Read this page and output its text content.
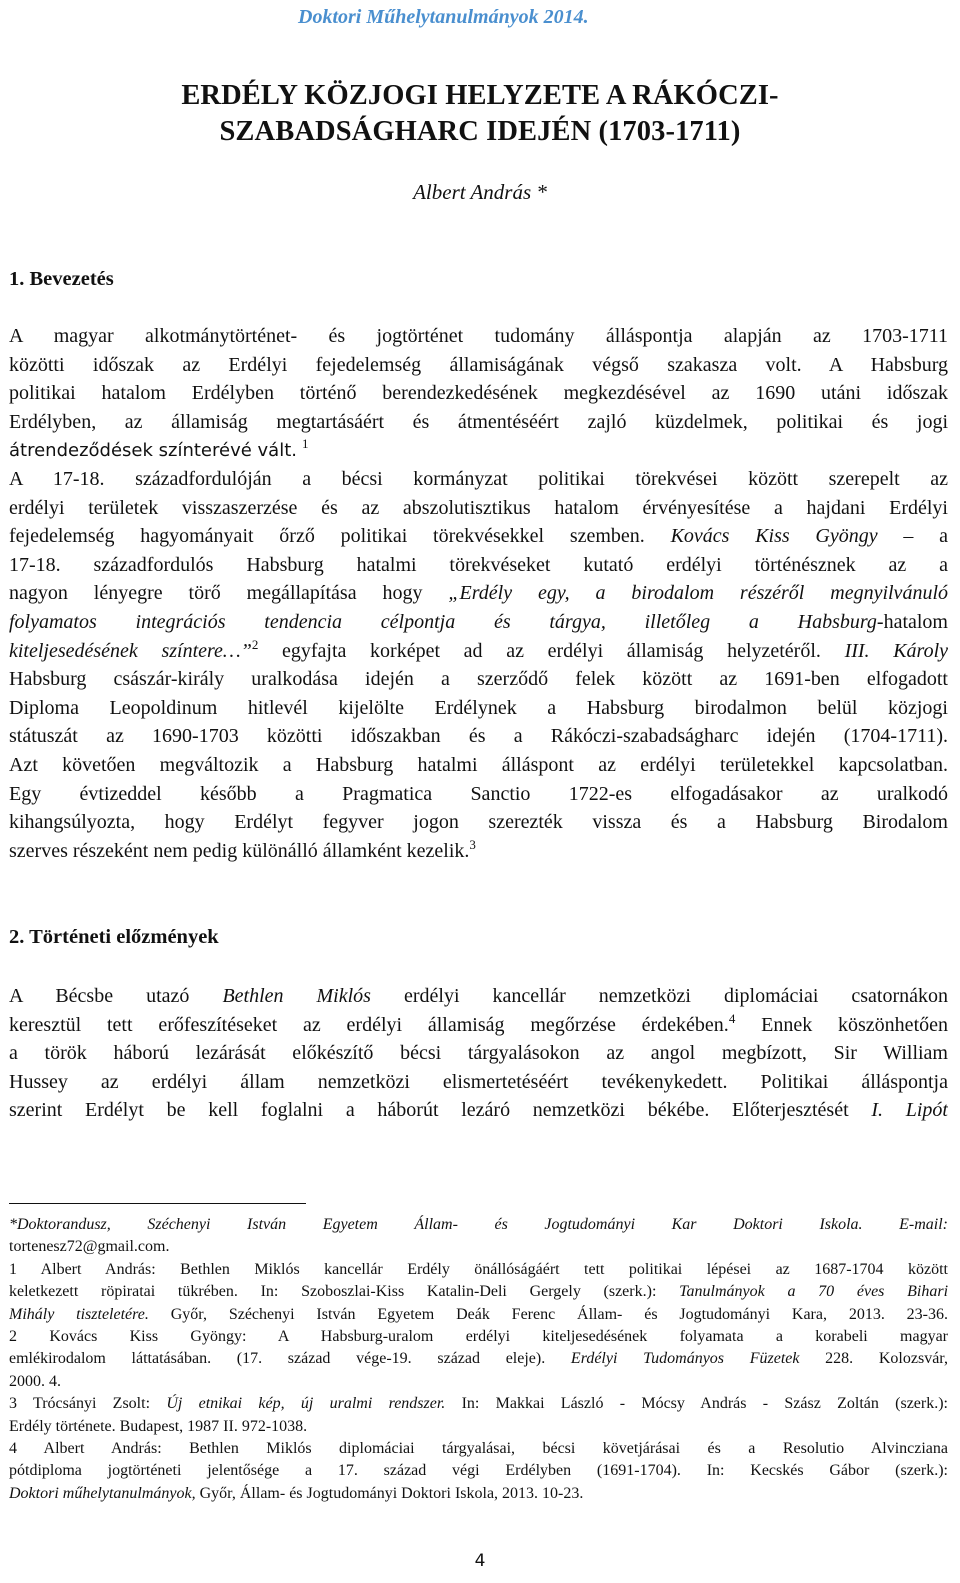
Doktori Műhelytanulmányok 2014.
ERDÉLY KÖZJOGI HELYZETE A RÁKÓCZI-
SZABADSÁGHARC IDEJÉN (1703-1711)
Albert András *
1. Bevezetés
A magyar alkotmánytörténet- és jogtörténet tudomány álláspontja alapján az 1703-1711
közötti időszak az Erdélyi fejedelemség államiságának végső szakasza volt. A Habsburg
politikai hatalom Erdélyben történő berendezkedésének megkezdésével az 1690 utáni időszak
Erdélyben, az államiság megtartásáért és átmentéséért zajló küzdelmek, politikai és jogi
átrendeződések színterévé vált. $^1$
A 17-18. századfordulóján a bécsi kormányzat politikai törekvései között szerepelt az
erdélyi területek visszaszerzése és az abszolutisztikus hatalom érvényesítése a hajdani Erdélyi
fejedelemség hagyományait őrző politikai törekvésekkel szemben. Kovács Kiss Gyöngy – a
17-18. századfordulós Habsburg hatalmi törekvéseket kutató erdélyi történésznek az a
nagyon lényegre törő megállapítása hogy „Erdély egy, a birodalom részéről megnyilvánuló
folyamatos integrációs tendencia célpontja és tárgya, illetőleg a Habsburg-hatalom
kiteljesedésének színtere…”$^2$ egyfajta korképet ad az erdélyi államiság helyzetéről. III. Károly
Habsburg császár-király uralkodása idején a szerződő felek között az 1691-ben elfogadott
Diploma Leopoldinum hitlevél kijelölte Erdélynek a Habsburg birodalmon belül közjogi
státuszát az 1690-1703 közötti időszakban és a Rákóczi-szabadságharc idején (1704-1711).
Azt követően megváltozik a Habsburg hatalmi álláspont az erdélyi területekkel kapcsolatban.
Egy évtizeddel később a Pragmatica Sanctio 1722-es elfogadásakor az uralkodó
kihangsúlyozta, hogy Erdélyt fegyver jogon szerezték vissza és a Habsburg Birodalom
szerves részeként nem pedig különálló államként kezelik.$^3$
2. Történeti előzmények
A Bécsbe utazó Bethlen Miklós erdélyi kancellár nemzetközi diplomáciai csatornákon
keresztül tett erőfeszítéseket az erdélyi államiság megőrzése érdekében.$^4$ Ennek köszönhetően
a török háború lezárását előkészítő bécsi tárgyalásokon az angol megbízott, Sir William
Hussey az erdélyi állam nemzetközi elismertetéséért tevékenykedett. Politikai álláspontja
szerint Erdélyt be kell foglalni a háborút lezáró nemzetközi békébe. Előterjesztését I. Lipót
*Doktorandusz, Széchenyi István Egyetem Állam- és Jogtudományi Kar Doktori Iskola. E-mail:
tortenesz72@gmail.com.
1 Albert András: Bethlen Miklós kancellár Erdély önállóságáért tett politikai lépései az 1687-1704 között
keletkezett röpiratai tükrében. In: Szoboszlai-Kiss Katalin-Deli Gergely (szerk.): Tanulmányok a 70 éves Bihari
Mihály tiszteletére. Győr, Széchenyi István Egyetem Deák Ferenc Állam- és Jogtudományi Kara, 2013. 23-36.
2 Kovács Kiss Gyöngy: A Habsburg-uralom erdélyi kiteljesedésének folyamata a korabeli magyar
emlékirodalom láttatásában. (17. század vége-19. század eleje). Erdélyi Tudományos Füzetek 228. Kolozsvár,
2000. 4.
3 Trócsányi Zsolt: Új etnikai kép, új uralmi rendszer. In: Makkai László - Mócsy András - Szász Zoltán (szerk.):
Erdély története. Budapest, 1987 II. 972-1038.
4 Albert András: Bethlen Miklós diplomáciai tárgyalásai, bécsi követjárásai és a Resolutio Alvincziana
pótdiploma jogtörténeti jelentősége a 17. század végi Erdélyben (1691-1704). In: Kecskés Gábor (szerk.):
Doktori műhelytanulmányok, Győr, Állam- és Jogtudományi Doktori Iskola, 2013. 10-23.
4
